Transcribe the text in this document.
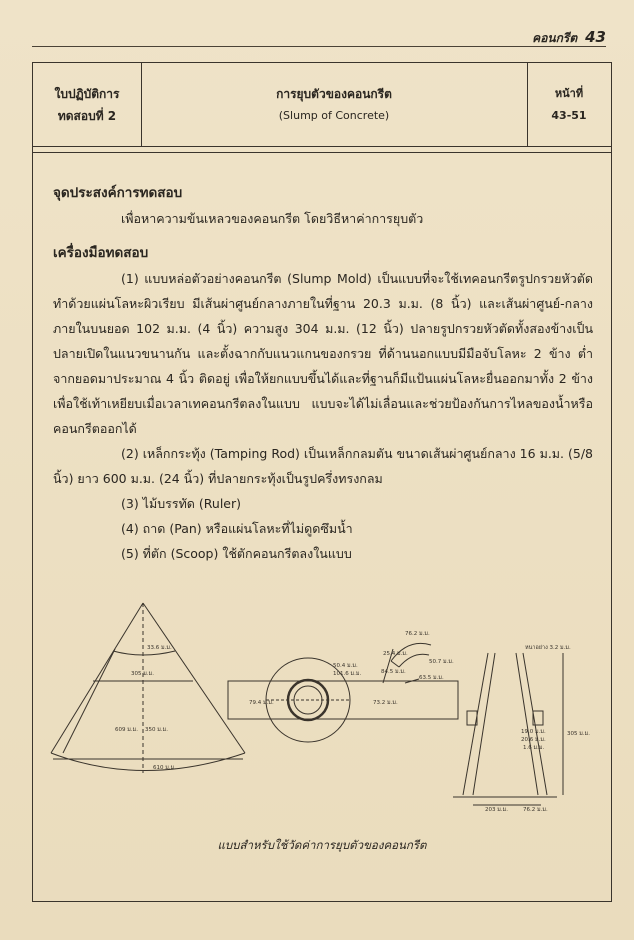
คอนกรีต 43
ใบปฏิบัติการ
ทดสอบที่ 2
การยุบตัวของคอนกรีต
(Slump of Concrete)
หน้าที่
43-51
จุดประสงค์การทดสอบ
เพื่อหาความข้นเหลวของคอนกรีต โดยวิธีหาค่าการยุบตัว
เครื่องมือทดสอบ
(1) แบบหล่อตัวอย่างคอนกรีต (Slump Mold) เป็นแบบที่จะใช้เทคอนกรีตรูปกรวยหัวตัด ทำด้วยแผ่นโลหะผิวเรียบ มีเส้นผ่าศูนย์กลางภายในที่ฐาน 20.3 ม.ม. (8 นิ้ว) และเส้นผ่าศูนย์-กลางภายในบนยอด 102 ม.ม. (4 นิ้ว) ความสูง 304 ม.ม. (12 นิ้ว) ปลายรูปกรวยหัวตัดทั้งสองข้างเป็นปลายเปิดในแนวขนานกัน และตั้งฉากกับแนวแกนของกรวย ที่ด้านนอกแบบมีมือจับโลหะ 2 ข้าง ต่ำจากยอดมาประมาณ 4 นิ้ว ติดอยู่ เพื่อให้ยกแบบขึ้นได้และที่ฐานก็มีแป้นแผ่นโลหะยื่นออกมาทั้ง 2 ข้าง เพื่อใช้เท้าเหยียบเมื่อเวลาเทคอนกรีตลงในแบบ แบบจะได้ไม่เลื่อนและช่วยป้องกันการไหลของน้ำหรือคอนกรีตออกได้
(2) เหล็กกระทุ้ง (Tamping Rod) เป็นเหล็กกลมตัน ขนาดเส้นผ่าศูนย์กลาง 16 ม.ม. (5/8 นิ้ว) ยาว 600 ม.ม. (24 นิ้ว) ที่ปลายกระทุ้งเป็นรูปครึ่งทรงกลม
(3) ไม้บรรทัด (Ruler)
(4) ถาด (Pan) หรือแผ่นโลหะที่ไม่ดูดซึมน้ำ
(5) ที่ตัก (Scoop) ใช้ตักคอนกรีตลงในแบบ
33.6 ม.ม.
305 ม.ม.
609 ม.ม. 350 ม.ม.
610 ม.ม.
50.4 ม.ม.
101.6 ม.ม.
79.4 ม.ม.	73.2 ม.ม.
76.2 ม.ม.
25.4 ม.ม.
50.7 ม.ม.
63.5 ม.ม.
84.5 ม.ม.
หนาอย่าง 3.2 ม.ม.
19.0 ม.ม.
20.6 ม.ม.
1.6 ม.ม.
305 ม.ม.
203 ม.ม.	76.2 ม.ม.
แบบสำหรับใช้วัดค่าการยุบตัวของคอนกรีต
